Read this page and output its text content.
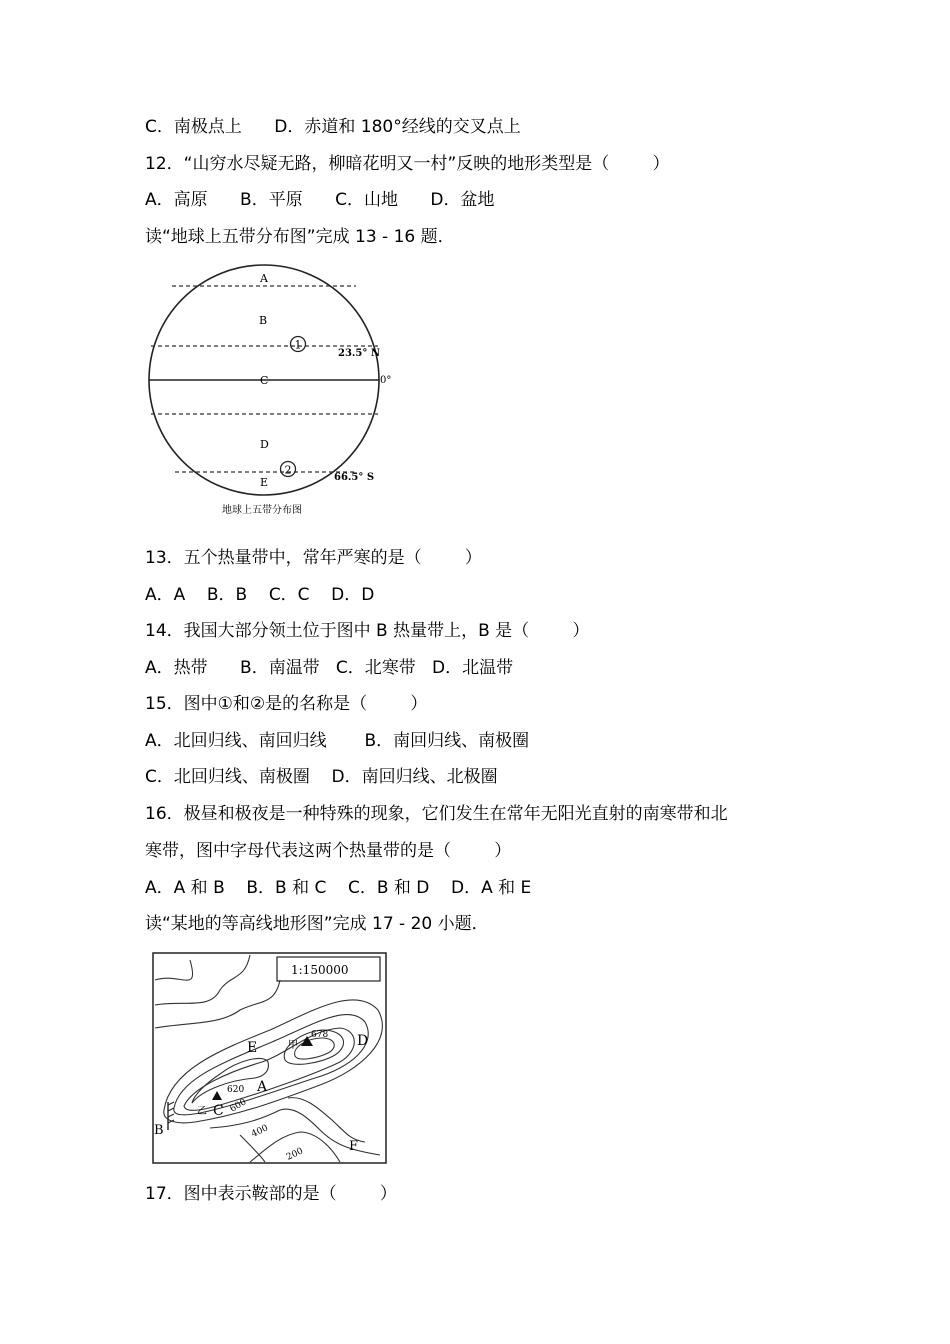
C．南极点上      D．赤道和 180°经线的交叉点上
12．“山穷水尽疑无路，柳暗花明又一村”反映的地形类型是（        ）
A．高原      B．平原      C．山地      D．盆地
读“地球上五带分布图”完成 13 - 16 题．
A
B
C
D
E
1
2
23.5° N
0°
66.5° S
地球上五带分布图
13．五个热量带中，常年严寒的是（        ）
A．A    B．B    C．C    D．D
14．我国大部分领土位于图中 B 热量带上，B 是（        ）
A．热带      B．南温带   C．北寒带   D．北温带
15．图中①和②是的名称是（        ）
A．北回归线、南回归线       B．南回归线、南极圈
C．北回归线、南极圈    D．南回归线、北极圈
16．极昼和极夜是一种特殊的现象，它们发生在常年无阳光直射的南寒带和北
寒带，图中字母代表这两个热量带的是（        ）
A．A 和 B    B．B 和 C    C．B 和 D    D．A 和 E
读“某地的等高线地形图”完成 17 - 20 小题．
1:150000
甲
678
乙
620
600
400
200
A
B
C
D
E
F
17．图中表示鞍部的是（        ）
